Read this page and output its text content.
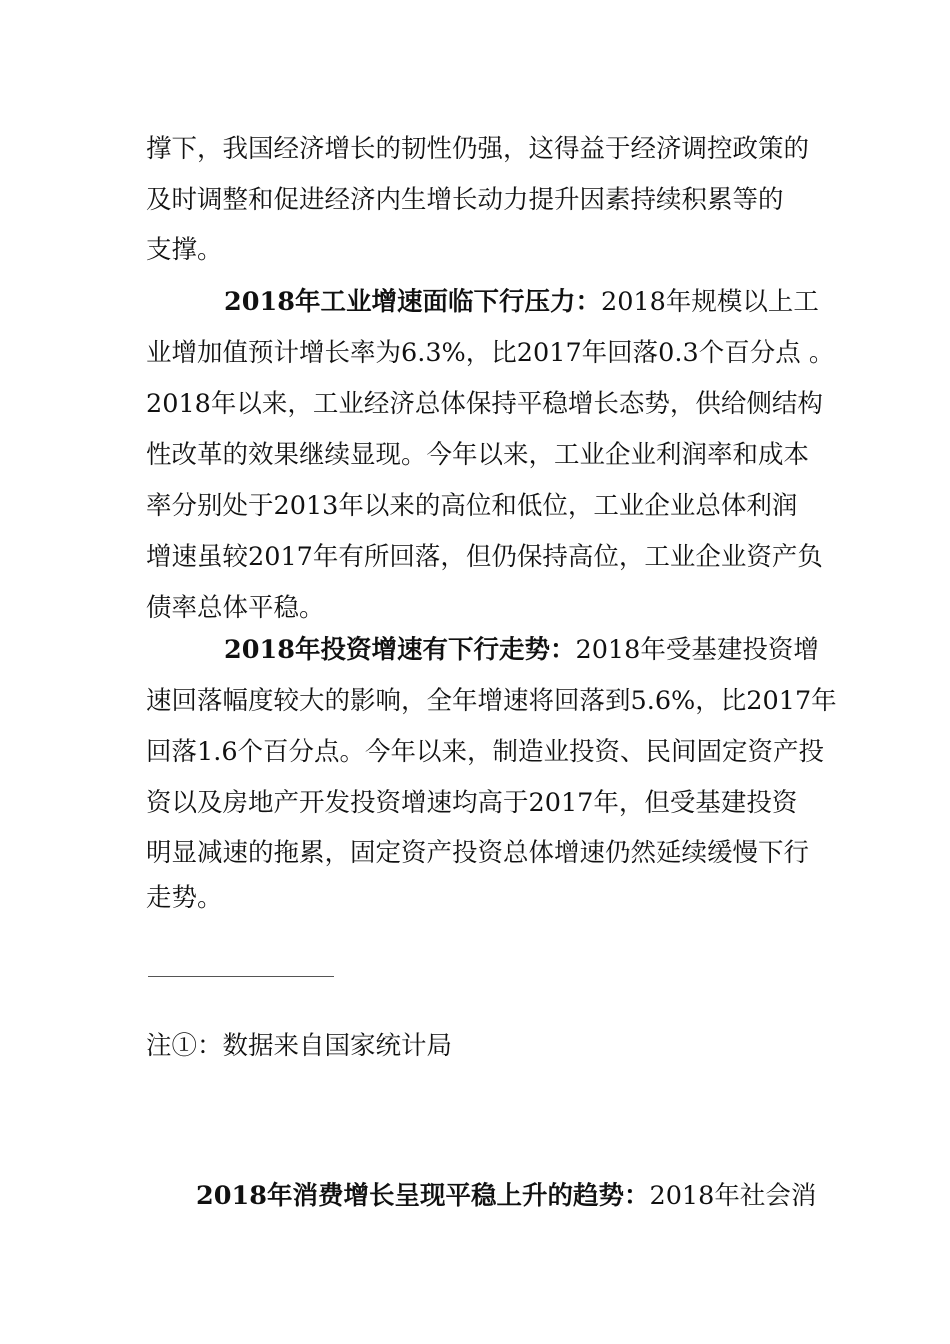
撑下，我国经济增长的韧性仍强，这得益于经济调控政策的
及时调整和促进经济内生增长动力提升因素持续积累等的
支撑。
2018年工业增速面临下行压力：2018年规模以上工
业增加值预计增长率为6.3%，比2017年回落0.3个百分点 。
2018年以来，工业经济总体保持平稳增长态势，供给侧结构
性改革的效果继续显现。今年以来，工业企业利润率和成本
率分别处于2013年以来的高位和低位，工业企业总体利润
增速虽较2017年有所回落，但仍保持高位，工业企业资产负
债率总体平稳。
2018年投资增速有下行走势：2018年受基建投资增
速回落幅度较大的影响，全年增速将回落到5.6%，比2017年
回落1.6个百分点。今年以来，制造业投资、民间固定资产投
资以及房地产开发投资增速均高于2017年，但受基建投资
明显减速的拖累，固定资产投资总体增速仍然延续缓慢下行
走势。
注①：数据来自国家统计局
2018年消费增长呈现平稳上升的趋势：2018年社会消
